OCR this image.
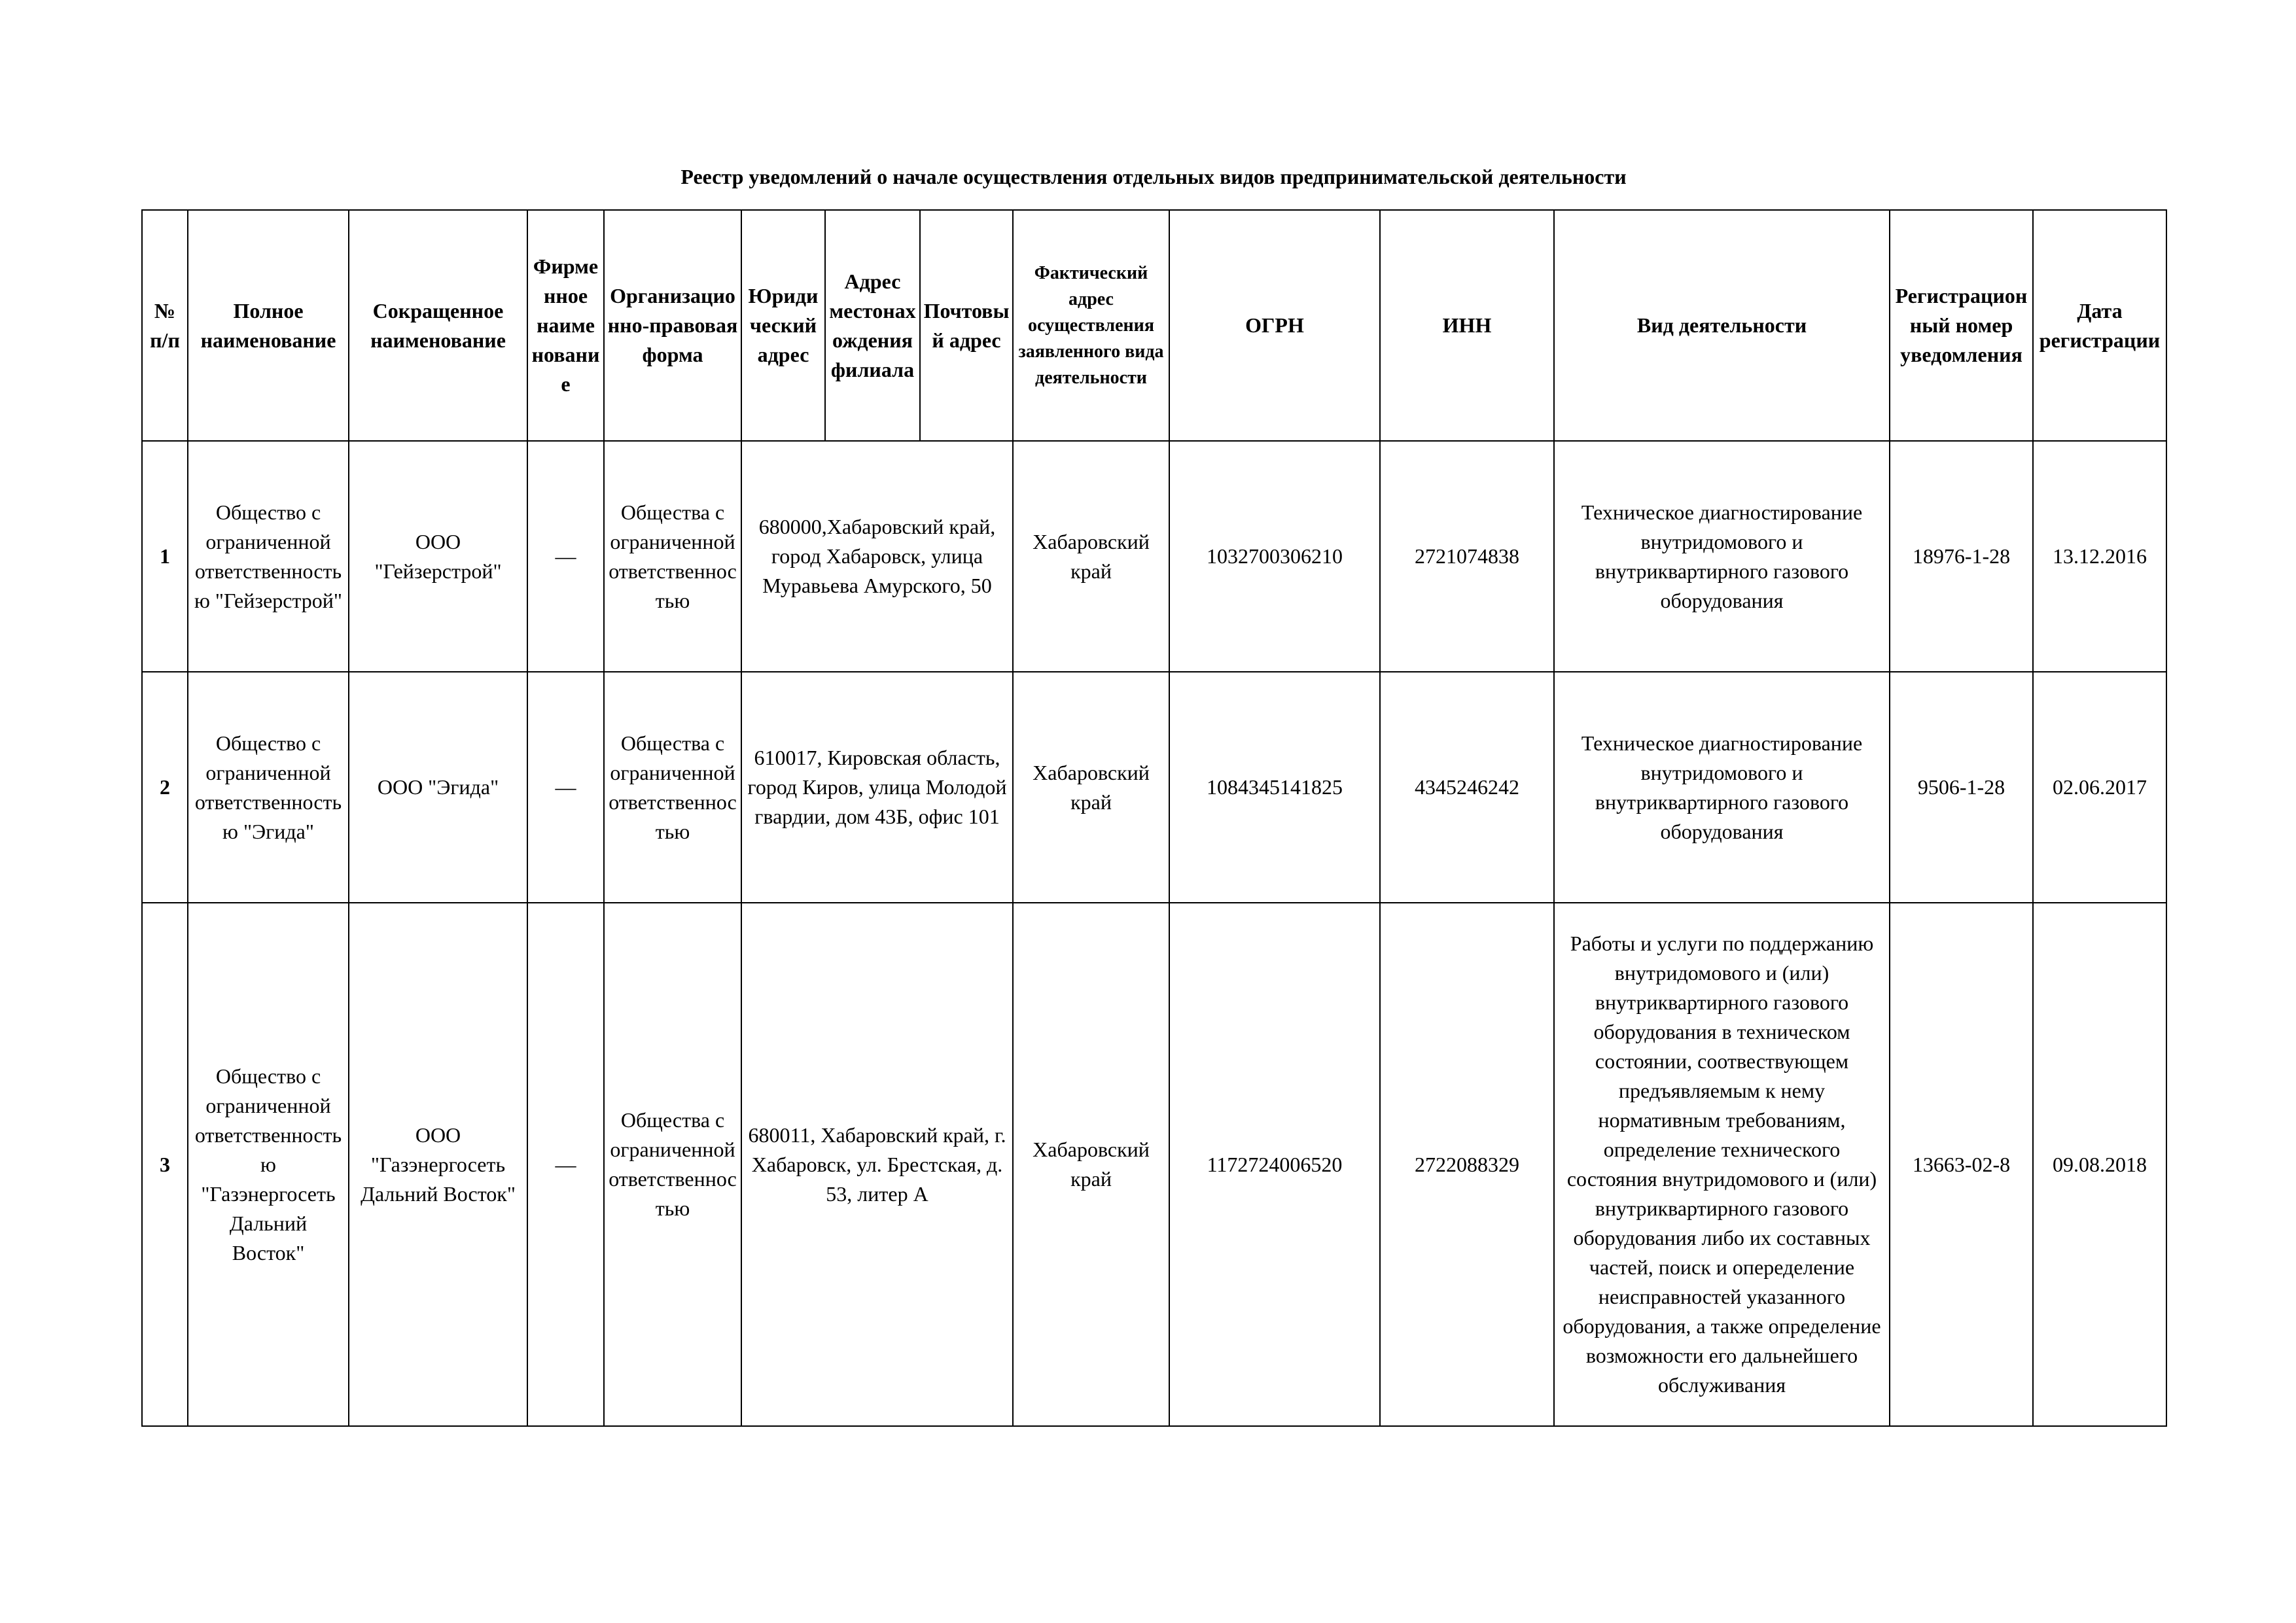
Реестр уведомлений о начале осуществления отдельных видов предпринимательской деятельности
№ п/п	Полное наименование	Сокращенное наименование	Фирменное наименование	Организационно-правовая форма	Юридический адрес	Адрес местонахождения филиала	Почтовый адрес	Фактический адрес осуществления заявленного вида деятельности	ОГРН	ИНН	Вид деятельности	Регистрационный номер уведомления	Дата регистрации
1	Общество с ограниченной ответственностью "Гейзерстрой"	ООО "Гейзерстрой"	—	Общества с ограниченной ответственностью	680000,Хабаровский край, город Хабаровск, улица Муравьева Амурского, 50			Хабаровский край	1032700306210	2721074838	Техническое диагностирование внутридомового и внутриквартирного газового оборудования	18976-1-28	13.12.2016
2	Общество с ограниченной ответственностью "Эгида"	ООО "Эгида"	—	Общества с ограниченной ответственностью	610017, Кировская область, город Киров, улица Молодой гвардии, дом 43Б, офис 101			Хабаровский край	1084345141825	4345246242	Техническое диагностирование внутридомового и внутриквартирного газового оборудования	9506-1-28	02.06.2017
3	Общество с ограниченной ответственностью "Газэнергосеть Дальний Восток"	ООО "Газэнергосеть Дальний Восток"	—	Общества с ограниченной ответственностью	680011, Хабаровский край, г. Хабаровск, ул. Брестская, д. 53, литер А			Хабаровский край	1172724006520	2722088329	Работы и услуги по поддержанию внутридомового и (или) внутриквартирного газового оборудования в техническом состоянии, соотвествующем предъявляемым к нему нормативным требованиям, определение технического состояния внутридомового и (или) внутриквартирного газового оборудования либо их составных частей, поиск и опеределение неисправностей указанного оборудования, а также определение возможности его дальнейшего обслуживания	13663-02-8	09.08.2018
